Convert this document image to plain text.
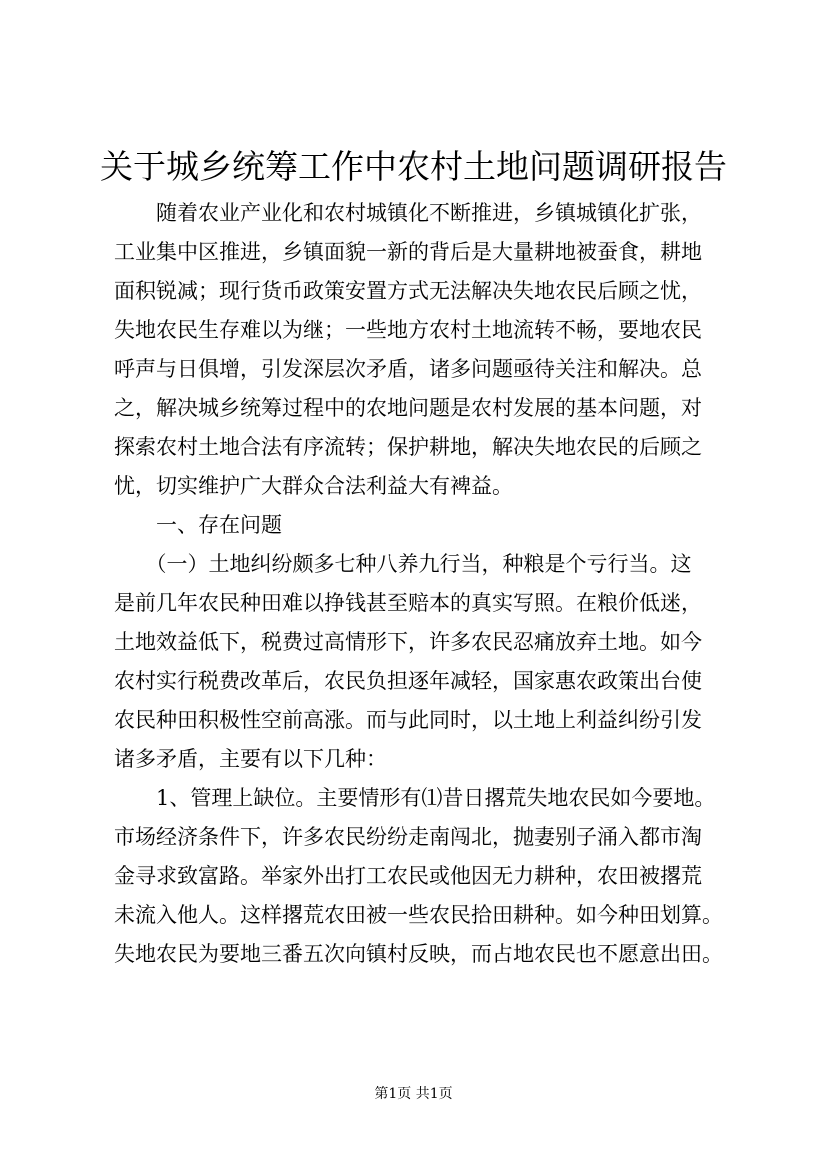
关于城乡统筹工作中农村土地问题调研报告
　　随着农业产业化和农村城镇化不断推进，乡镇城镇化扩张，
工业集中区推进，乡镇面貌一新的背后是大量耕地被蚕食，耕地
面积锐减；现行货币政策安置方式无法解决失地农民后顾之忧，
失地农民生存难以为继；一些地方农村土地流转不畅，要地农民
呼声与日俱增，引发深层次矛盾，诸多问题亟待关注和解决。总
之，解决城乡统筹过程中的农地问题是农村发展的基本问题，对
探索农村土地合法有序流转；保护耕地，解决失地农民的后顾之
忧，切实维护广大群众合法利益大有裨益。
　　一、存在问题
　　（一）土地纠纷颇多七种八养九行当，种粮是个亏行当。这
是前几年农民种田难以挣钱甚至赔本的真实写照。在粮价低迷，
土地效益低下，税费过高情形下，许多农民忍痛放弃土地。如今
农村实行税费改革后，农民负担逐年减轻，国家惠农政策出台使
农民种田积极性空前高涨。而与此同时，以土地上利益纠纷引发
诸多矛盾，主要有以下几种：
　　1、管理上缺位。主要情形有⑴昔日撂荒失地农民如今要地。
市场经济条件下，许多农民纷纷走南闯北，抛妻别子涌入都市淘
金寻求致富路。举家外出打工农民或他因无力耕种，农田被撂荒
未流入他人。这样撂荒农田被一些农民拾田耕种。如今种田划算。
失地农民为要地三番五次向镇村反映，而占地农民也不愿意出田。
第1页 共1页
